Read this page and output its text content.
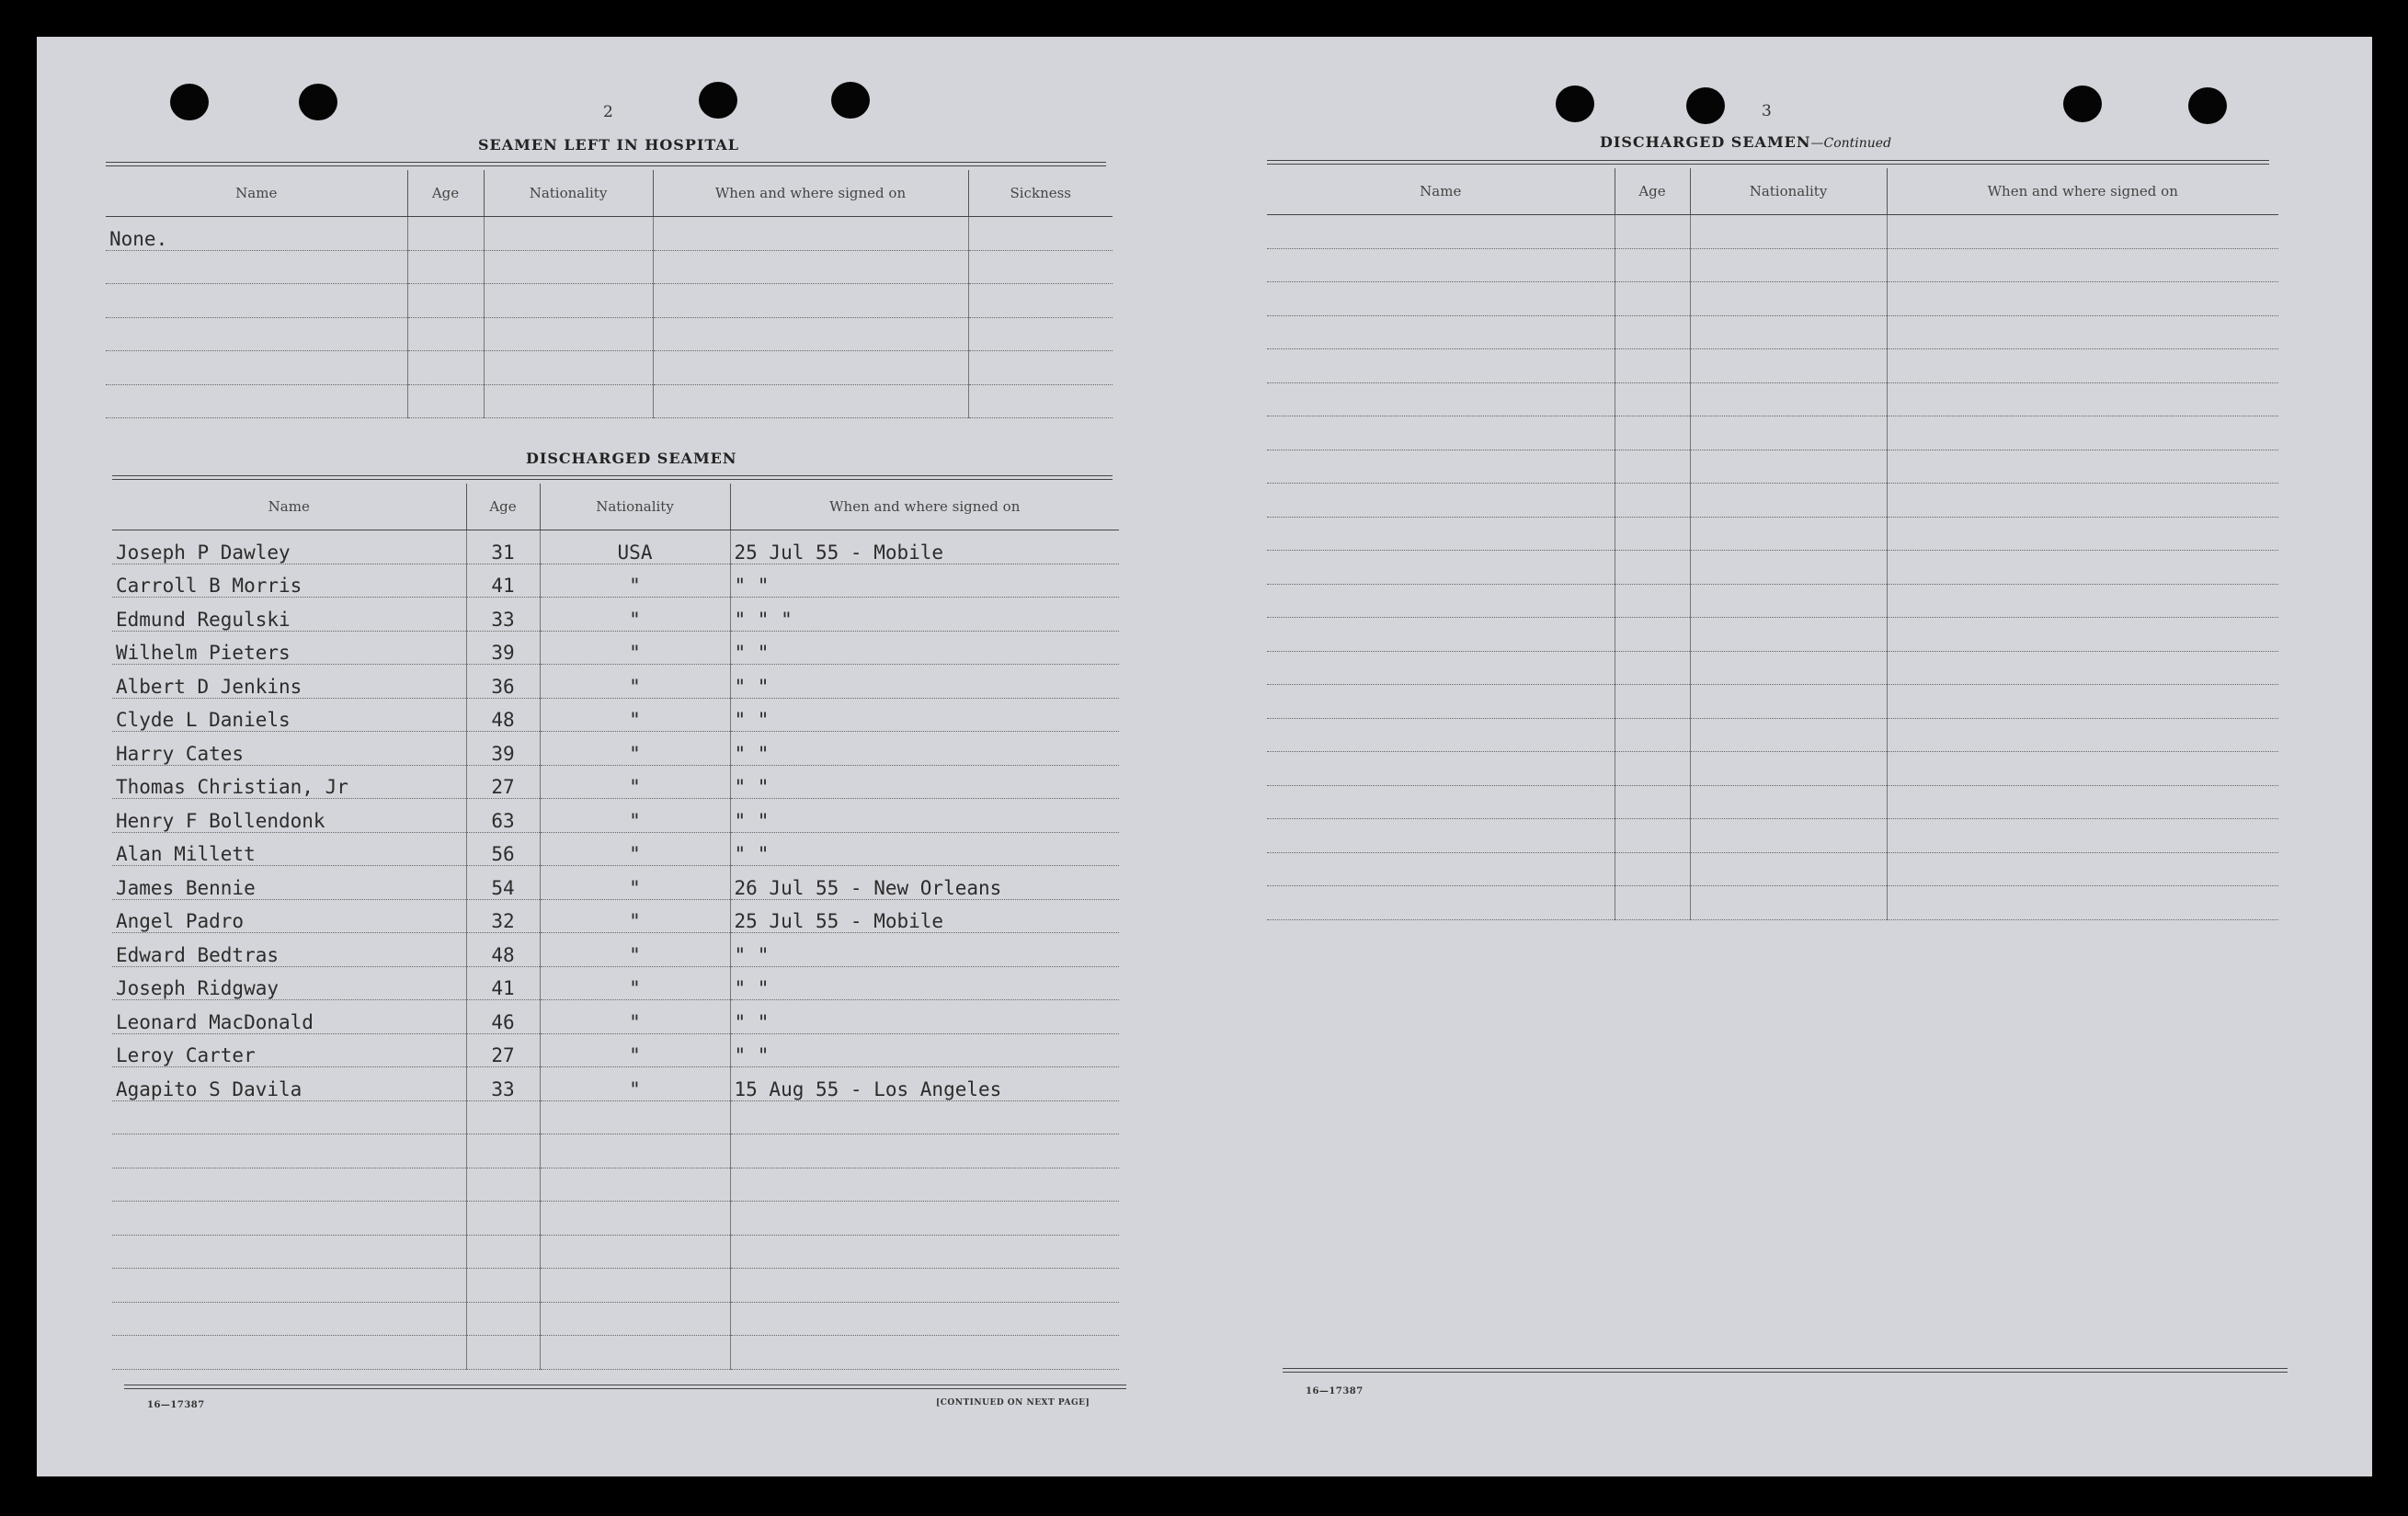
2
SEAMEN LEFT IN HOSPITAL
Name	Age	Nationality	When and where signed on	Sickness
None.				

DISCHARGED SEAMEN
Name	Age	Nationality	When and where signed on
Joseph P Dawley	31	USA	25 Jul 55 - Mobile
Carroll B Morris	41	"	" "
Edmund Regulski	33	"	" " "
Wilhelm Pieters	39	"	" "
Albert D Jenkins	36	"	" "
Clyde L Daniels	48	"	" "
Harry Cates	39	"	" "
Thomas Christian, Jr	27	"	" "
Henry F Bollendonk	63	"	" "
Alan Millett	56	"	" "
James Bennie	54	"	26 Jul 55 - New Orleans
Angel Padro	32	"	25 Jul 55 - Mobile
Edward Bedtras	48	"	" "
Joseph Ridgway	41	"	" "
Leonard MacDonald	46	"	" "
Leroy Carter	27	"	" "
Agapito S Davila	33	"	15 Aug 55 - Los Angeles

16—17387	[CONTINUED ON NEXT PAGE]
3
DISCHARGED SEAMEN—Continued
Name	Age	Nationality	When and where signed on

16—17387
